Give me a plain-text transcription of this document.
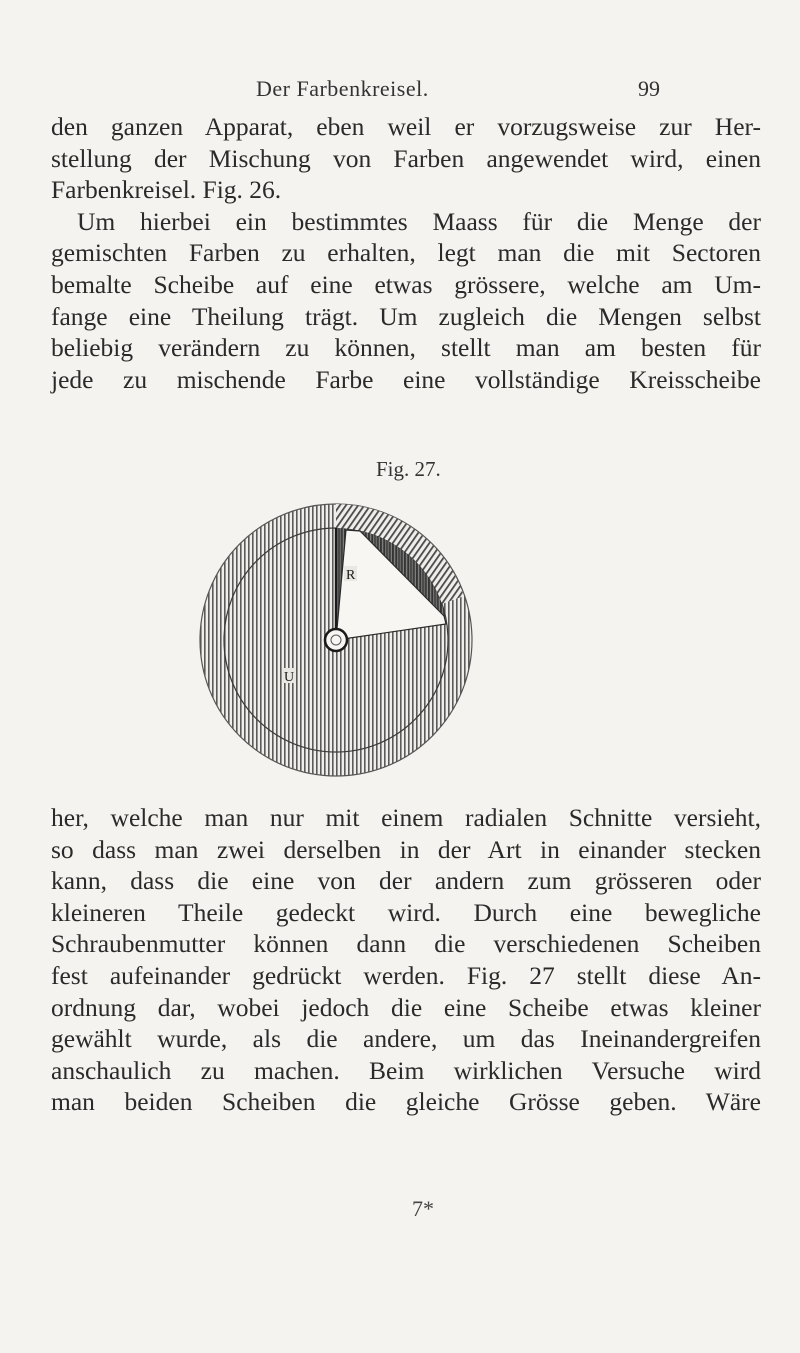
Der Farbenkreisel.	99
den ganzen Apparat, eben weil er vorzugsweise zur Her-
stellung der Mischung von Farben angewendet wird, einen
Farbenkreisel. Fig. 26.
Um hierbei ein bestimmtes Maass für die Menge der
gemischten Farben zu erhalten, legt man die mit Sectoren
bemalte Scheibe auf eine etwas grössere, welche am Um-
fange eine Theilung trägt. Um zugleich die Mengen selbst
beliebig verändern zu können, stellt man am besten für
jede zu mischende Farbe eine vollständige Kreisscheibe
Fig. 27.
R
U
her, welche man nur mit einem radialen Schnitte versieht,
so dass man zwei derselben in der Art in einander stecken
kann, dass die eine von der andern zum grösseren oder
kleineren Theile gedeckt wird. Durch eine bewegliche
Schraubenmutter können dann die verschiedenen Scheiben
fest aufeinander gedrückt werden. Fig. 27 stellt diese An-
ordnung dar, wobei jedoch die eine Scheibe etwas kleiner
gewählt wurde, als die andere, um das Ineinandergreifen
anschaulich zu machen. Beim wirklichen Versuche wird
man beiden Scheiben die gleiche Grösse geben. Wäre
7*
